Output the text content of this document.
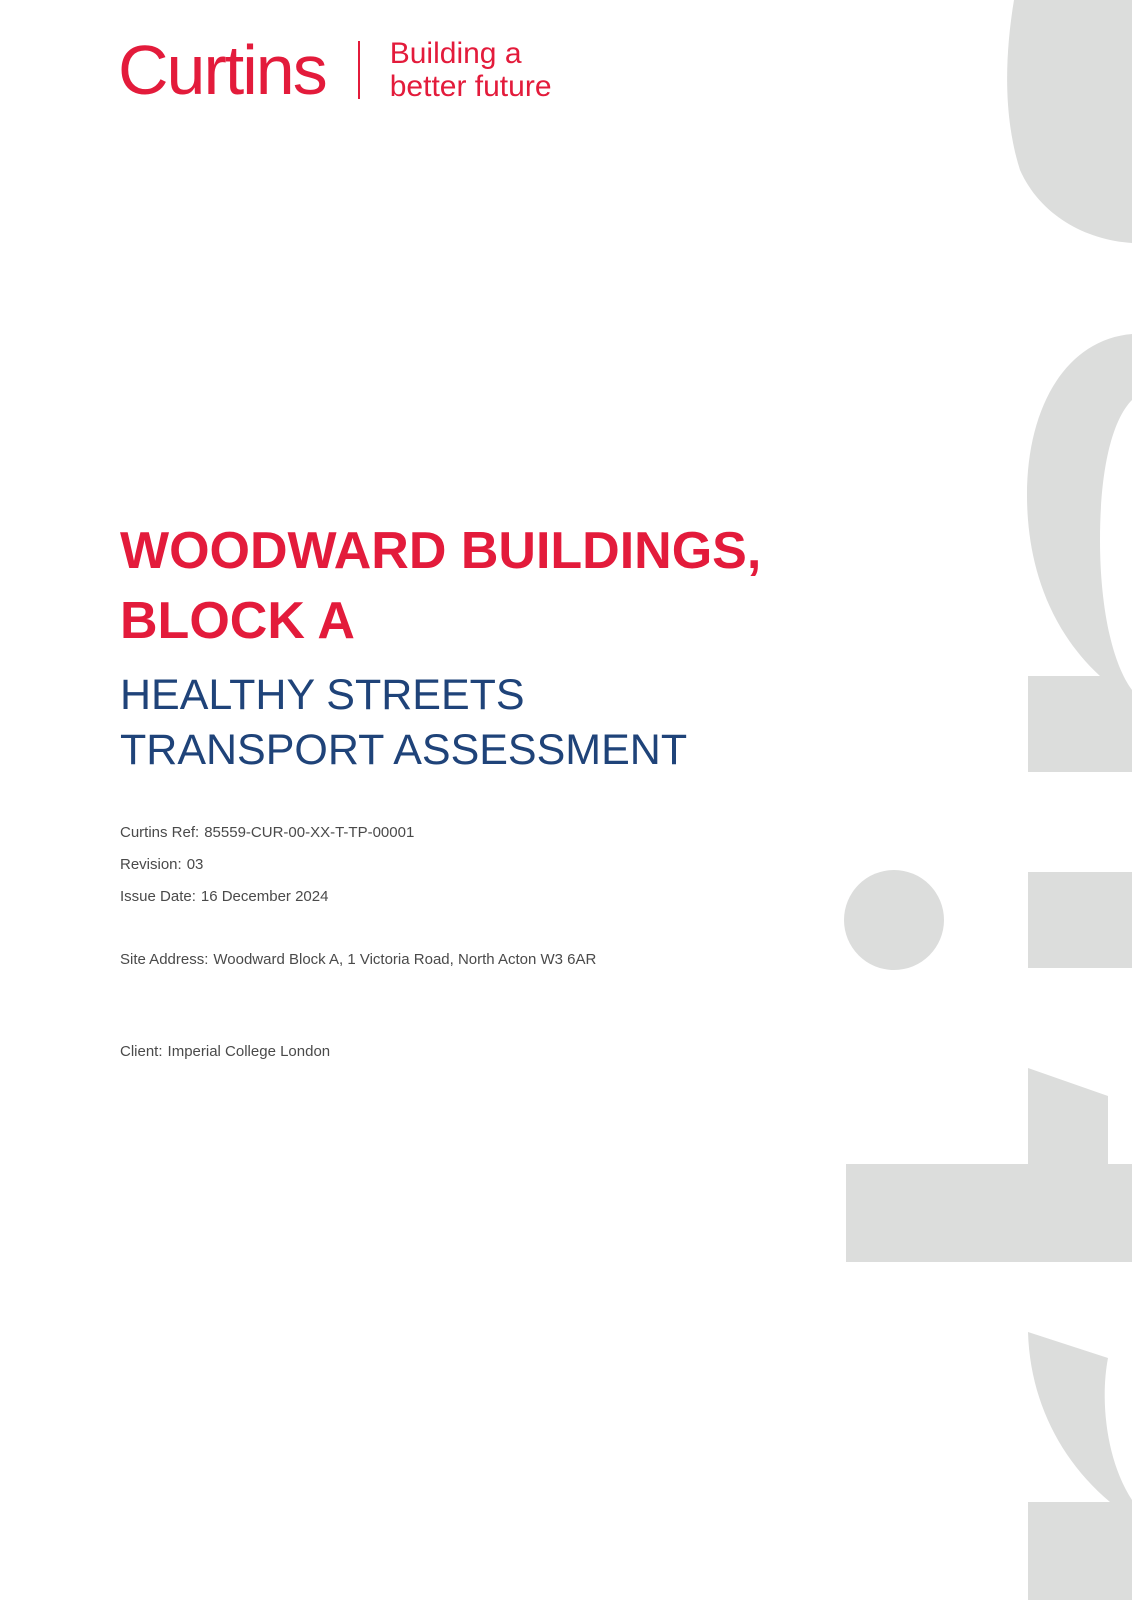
Curtins Building a
better future
WOODWARD BUILDINGS,
BLOCK A
HEALTHY STREETS
TRANSPORT ASSESSMENT
Curtins Ref: 85559-CUR-00-XX-T-TP-00001
Revision: 03
Issue Date: 16 December 2024
Site Address: Woodward Block A, 1 Victoria Road, North Acton W3 6AR
Client: Imperial College London
